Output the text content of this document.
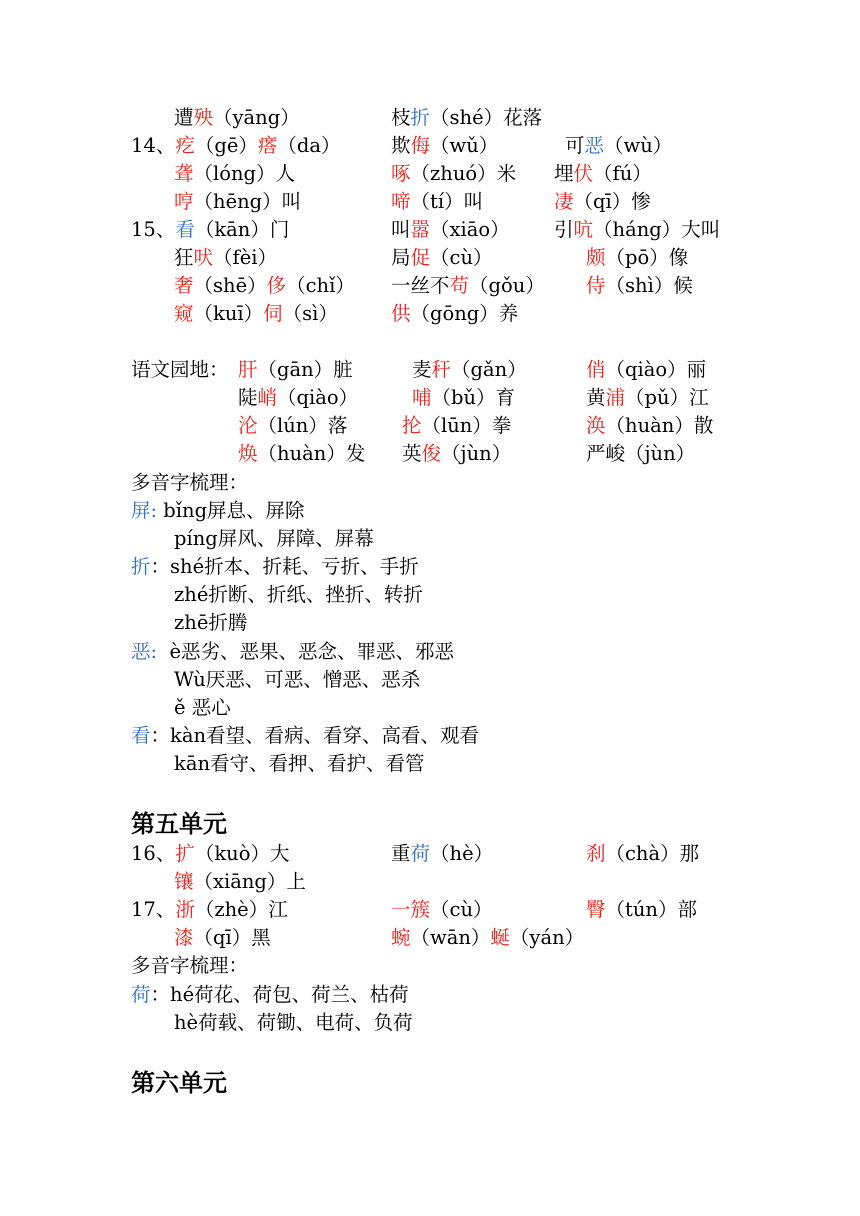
遭殃（yāng）	枝折（shé）花落
14、疙（gē）瘩（da）	欺侮（wǔ）	可恶（wù）
聋（lóng）人	啄（zhuó）米 埋伏（fú）
哼（hēng）叫	啼（tí）叫	凄（qī）惨
15、看（kān）门	叫嚣（xiāo） 引吭（háng）大叫
狂吠（fèi）	局促（cù）	颇（pō）像
奢（shē）侈（chǐ） 一丝不苟（gǒu） 侍（shì）候
窥（kuī）伺（sì）	供（gōng）养
语文园地： 肝（gān）脏	麦秆（gǎn）	俏（qiào）丽
陡峭（qiào）	哺（bǔ）育	黄浦（pǔ）江
沦（lún）落	抡（lūn）拳	涣（huàn）散
焕（huàn）发 英俊（jùn）	严峻（jùn）
多音字梳理：
屏: bǐng屏息、屏除
píng屏风、屏障、屏幕
折：shé折本、折耗、亏折、手折
zhé折断、折纸、挫折、转折
zhē折腾
恶:  è恶劣、恶果、恶念、罪恶、邪恶
Wù厌恶、可恶、憎恶、恶杀
ě 恶心
看：kàn看望、看病、看穿、高看、观看
kān看守、看押、看护、看管
第五单元
16、扩（kuò）大	重荷（hè）	刹（chà）那
镶（xiāng）上
17、浙（zhè）江	一簇（cù）	臀（tún）部
漆（qī）黑	蜿（wān）蜒（yán）
多音字梳理：
荷：hé荷花、荷包、荷兰、枯荷
hè荷载、荷锄、电荷、负荷
第六单元
